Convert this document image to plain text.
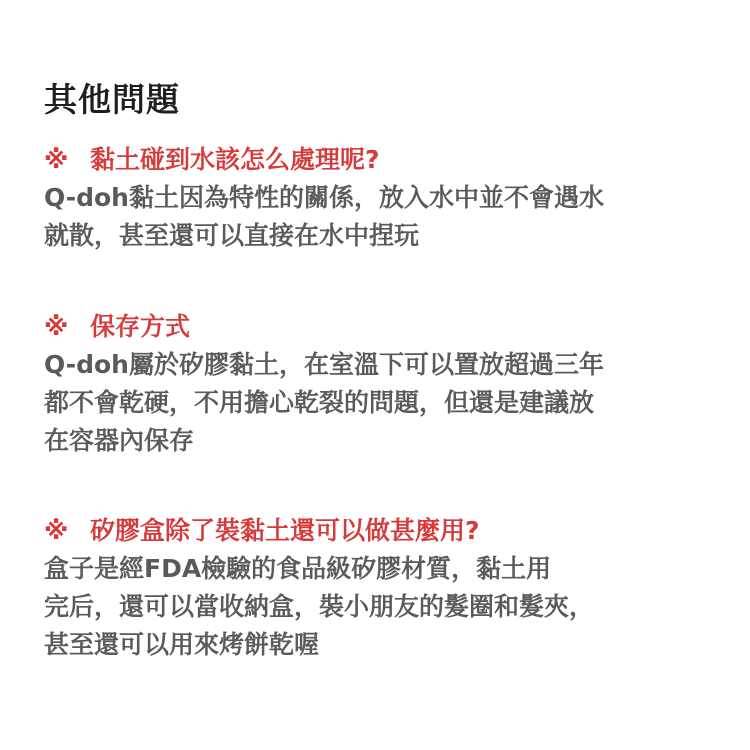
其他問題
※ 黏土碰到水該怎么處理呢?
Q-doh黏土因為特性的關係，放入水中並不會遇水
就散，甚至還可以直接在水中捏玩
※ 保存方式
Q-doh屬於矽膠黏土，在室溫下可以置放超過三年
都不會乾硬，不用擔心乾裂的問題，但還是建議放
在容器內保存
※ 矽膠盒除了裝黏土還可以做甚麼用?
盒子是經FDA檢驗的食品級矽膠材質，黏土用
完后，還可以當收納盒，裝小朋友的髮圈和髮夾，
甚至還可以用來烤餅乾喔
